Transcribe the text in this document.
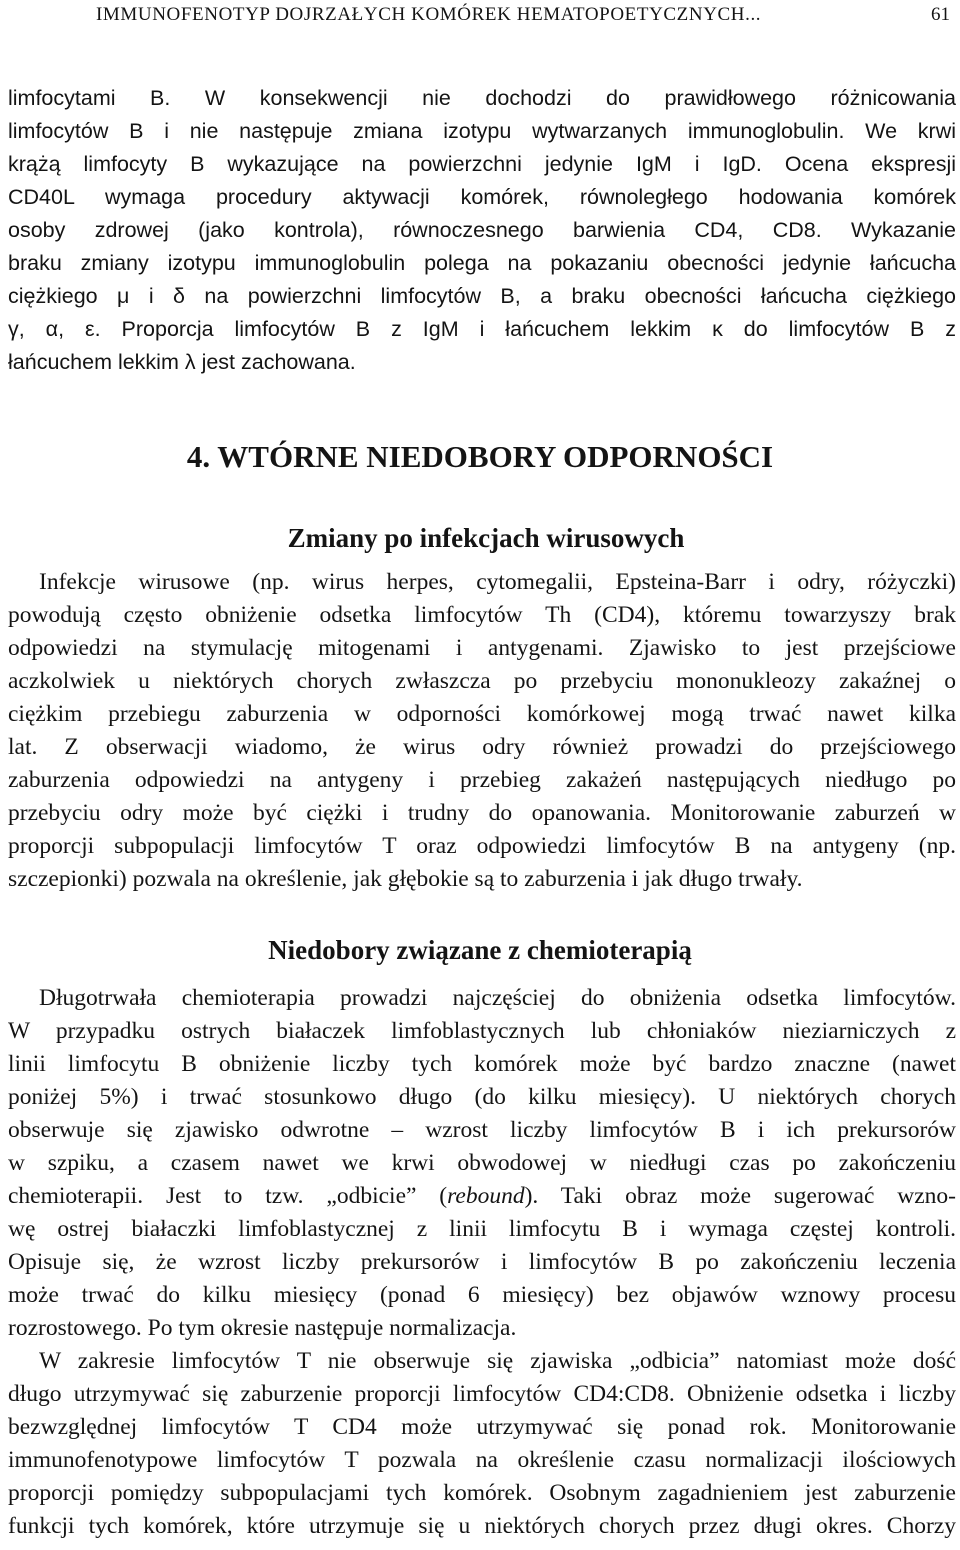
IMMUNOFENOTYP DOJRZAŁYCH KOMÓREK HEMATOPOETYCZNYCH...	61
limfocytami B. W konsekwencji nie dochodzi do prawidłowego różnicowania
limfocytów B i nie następuje zmiana izotypu wytwarzanych immunoglobulin. We krwi
krążą limfocyty B wykazujące na powierzchni jedynie IgM i IgD. Ocena ekspresji
CD40L wymaga procedury aktywacji komórek, równoległego hodowania komórek
osoby zdrowej (jako kontrola), równoczesnego barwienia CD4, CD8. Wykazanie
braku zmiany izotypu immunoglobulin polega na pokazaniu obecności jedynie łańcucha
ciężkiego μ i δ na powierzchni limfocytów B, a braku obecności łańcucha ciężkiego
γ, α, ε. Proporcja limfocytów B z IgM i łańcuchem lekkim κ do limfocytów B z
łańcuchem lekkim λ jest zachowana.
4. WTÓRNE NIEDOBORY ODPORNOŚCI
Zmiany po infekcjach wirusowych
Infekcje wirusowe (np. wirus herpes, cytomegalii, Epsteina-Barr i odry, różyczki)
powodują często obniżenie odsetka limfocytów Th (CD4), któremu towarzyszy brak
odpowiedzi na stymulację mitogenami i antygenami. Zjawisko to jest przejściowe
aczkolwiek u niektórych chorych zwłaszcza po przebyciu mononukleozy zakaźnej o
ciężkim przebiegu zaburzenia w odporności komórkowej mogą trwać nawet kilka
lat. Z obserwacji wiadomo, że wirus odry również prowadzi do przejściowego
zaburzenia odpowiedzi na antygeny i przebieg zakażeń następujących niedługo po
przebyciu odry może być ciężki i trudny do opanowania. Monitorowanie zaburzeń w
proporcji subpopulacji limfocytów T oraz odpowiedzi limfocytów B na antygeny (np.
szczepionki) pozwala na określenie, jak głębokie są to zaburzenia i jak długo trwały.
Niedobory związane z chemioterapią
Długotrwała chemioterapia prowadzi najczęściej do obniżenia odsetka limfocytów.
W przypadku ostrych białaczek limfoblastycznych lub chłoniaków nieziarniczych z
linii limfocytu B obniżenie liczby tych komórek może być bardzo znaczne (nawet
poniżej 5%) i trwać stosunkowo długo (do kilku miesięcy). U niektórych chorych
obserwuje się zjawisko odwrotne – wzrost liczby limfocytów B i ich prekursorów
w szpiku, a czasem nawet we krwi obwodowej w niedługi czas po zakończeniu
chemioterapii. Jest to tzw. „odbicie” (rebound). Taki obraz może sugerować wzno-
wę ostrej białaczki limfoblastycznej z linii limfocytu B i wymaga częstej kontroli.
Opisuje się, że wzrost liczby prekursorów i limfocytów B po zakończeniu leczenia
może trwać do kilku miesięcy (ponad 6 miesięcy) bez objawów wznowy procesu
rozrostowego. Po tym okresie następuje normalizacja.
W zakresie limfocytów T nie obserwuje się zjawiska „odbicia” natomiast może dość
długo utrzymywać się zaburzenie proporcji limfocytów CD4:CD8. Obniżenie odsetka i liczby
bezwzględnej limfocytów T CD4 może utrzymywać się ponad rok. Monitorowanie
immunofenotypowe limfocytów T pozwala na określenie czasu normalizacji ilościowych
proporcji pomiędzy subpopulacjami tych komórek. Osobnym zagadnieniem jest zaburzenie
funkcji tych komórek, które utrzymuje się u niektórych chorych przez długi okres. Chorzy
